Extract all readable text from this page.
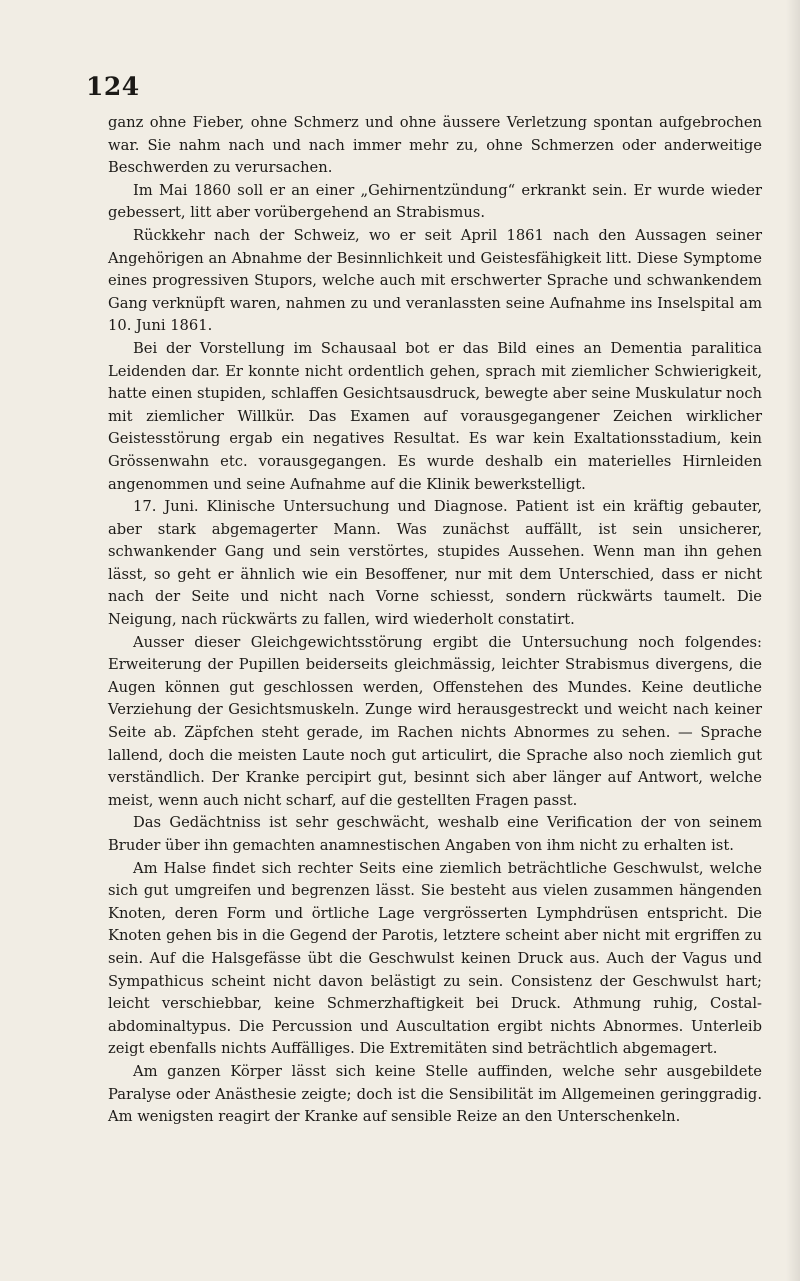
124

ganz ohne Fieber, ohne Schmerz und ohne äussere Verletzung spontan aufgebrochen war. Sie nahm nach und nach immer mehr zu, ohne Schmerzen oder anderweitige Beschwerden zu verursachen.

Im Mai 1860 soll er an einer „Gehirnentzündung“ erkrankt sein. Er wurde wieder gebessert, litt aber vorübergehend an Strabismus.

Rückkehr nach der Schweiz, wo er seit April 1861 nach den Aussagen seiner Angehörigen an Abnahme der Besinnlichkeit und Geistesfähigkeit litt. Diese Symptome eines progressiven Stupors, welche auch mit erschwerter Sprache und schwankendem Gang verknüpft waren, nahmen zu und veranlassten seine Aufnahme ins Inselspital am 10. Juni 1861.

Bei der Vorstellung im Schausaal bot er das Bild eines an Dementia paralitica Leidenden dar. Er konnte nicht ordentlich gehen, sprach mit ziemlicher Schwierigkeit, hatte einen stupiden, schlaffen Gesichtsausdruck, bewegte aber seine Muskulatur noch mit ziemlicher Willkür. Das Examen auf vorausgegangener Zeichen wirklicher Geistesstörung ergab ein negatives Resultat. Es war kein Exaltationsstadium, kein Grössenwahn etc. vorausgegangen. Es wurde deshalb ein materielles Hirnleiden angenommen und seine Aufnahme auf die Klinik bewerkstelligt.

17. Juni. Klinische Untersuchung und Diagnose. Patient ist ein kräftig gebauter, aber stark abgemagerter Mann. Was zunächst auffällt, ist sein unsicherer, schwankender Gang und sein verstörtes, stupides Aussehen. Wenn man ihn gehen lässt, so geht er ähnlich wie ein Besoffener, nur mit dem Unterschied, dass er nicht nach der Seite und nicht nach Vorne schiesst, sondern rückwärts taumelt. Die Neigung, nach rückwärts zu fallen, wird wiederholt constatirt.

Ausser dieser Gleichgewichtsstörung ergibt die Untersuchung noch folgendes: Erweiterung der Pupillen beiderseits gleichmässig, leichter Strabismus divergens, die Augen können gut geschlossen werden, Offenstehen des Mundes. Keine deutliche Verziehung der Gesichtsmuskeln. Zunge wird herausgestreckt und weicht nach keiner Seite ab. Zäpfchen steht gerade, im Rachen nichts Abnormes zu sehen. — Sprache lallend, doch die meisten Laute noch gut articulirt, die Sprache also noch ziemlich gut verständlich. Der Kranke percipirt gut, besinnt sich aber länger auf Antwort, welche meist, wenn auch nicht scharf, auf die gestellten Fragen passt.

Das Gedächtniss ist sehr geschwächt, weshalb eine Verification der von seinem Bruder über ihn gemachten anamnestischen Angaben von ihm nicht zu erhalten ist.

Am Halse findet sich rechter Seits eine ziemlich beträchtliche Geschwulst, welche sich gut umgreifen und begrenzen lässt. Sie besteht aus vielen zusammen hängenden Knoten, deren Form und örtliche Lage vergrösserten Lymphdrüsen entspricht. Die Knoten gehen bis in die Gegend der Parotis, letztere scheint aber nicht mit ergriffen zu sein. Auf die Halsgefässe übt die Geschwulst keinen Druck aus. Auch der Vagus und Sympathicus scheint nicht davon belästigt zu sein. Consistenz der Geschwulst hart; leicht verschiebbar, keine Schmerzhaftigkeit bei Druck. Athmung ruhig, Costal-abdominaltypus. Die Percussion und Auscultation ergibt nichts Abnormes. Unterleib zeigt ebenfalls nichts Auffälliges. Die Extremitäten sind beträchtlich abgemagert.

Am ganzen Körper lässt sich keine Stelle auffinden, welche sehr ausgebildete Paralyse oder Anästhesie zeigte; doch ist die Sensibilität im Allgemeinen geringgradig. Am wenigsten reagirt der Kranke auf sensible Reize an den Unterschenkeln.
